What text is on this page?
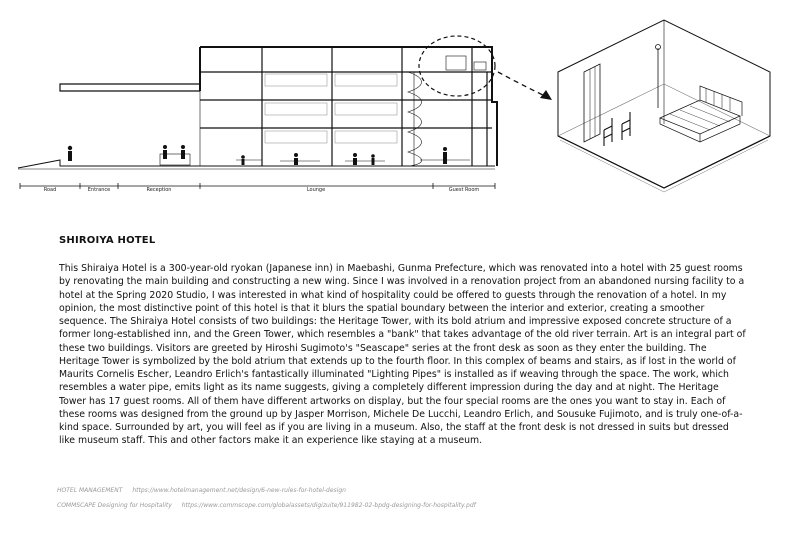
Road	Entrance	Reception	Lounge	Guest Room
SHIROIYA HOTEL

This Shiraiya Hotel is a 300-year-old ryokan (Japanese inn) in Maebashi, Gunma Prefecture, which was renovated into a hotel with 25 guest rooms by renovating the main building and constructing a new wing. Since I was involved in a renovation project from an abandoned nursing facility to a hotel at the Spring 2020 Studio, I was interested in what kind of hospitality could be offered to guests through the renovation of a hotel. In my opinion, the most distinctive point of this hotel is that it blurs the spatial boundary between the interior and exterior, creating a smoother sequence. The Shiraiya Hotel consists of two buildings: the Heritage Tower, with its bold atrium and impressive exposed concrete structure of a former long-established inn, and the Green Tower, which resembles a "bank" that takes advantage of the old river terrain. Art is an integral part of these two buildings. Visitors are greeted by Hiroshi Sugimoto's "Seascape" series at the front desk as soon as they enter the building. The Heritage Tower is symbolized by the bold atrium that extends up to the fourth floor. In this complex of beams and stairs, as if lost in the world of Maurits Cornelis Escher, Leandro Erlich's fantastically illuminated "Lighting Pipes" is installed as if weaving through the space. The work, which resembles a water pipe, emits light as its name suggests, giving a completely different impression during the day and at night. The Heritage Tower has 17 guest rooms. All of them have different artworks on display, but the four special rooms are the ones you want to stay in. Each of these rooms was designed from the ground up by Jasper Morrison, Michele De Lucchi, Leandro Erlich, and Sousuke Fujimoto, and is truly one-of-a-kind space. Surrounded by art, you will feel as if you are living in a museum. Also, the staff at the front desk is not dressed in suits but dressed like museum staff. This and other factors make it an experience like staying at a museum.

HOTEL MANAGEMENT https://www.hotelmanagement.net/design/6-new-rules-for-hotel-design
COMMSCAPE Designing for Hospitality https://www.commscope.com/globalassets/digizuite/911982-02-bpdg-designing-for-hospitality.pdf
